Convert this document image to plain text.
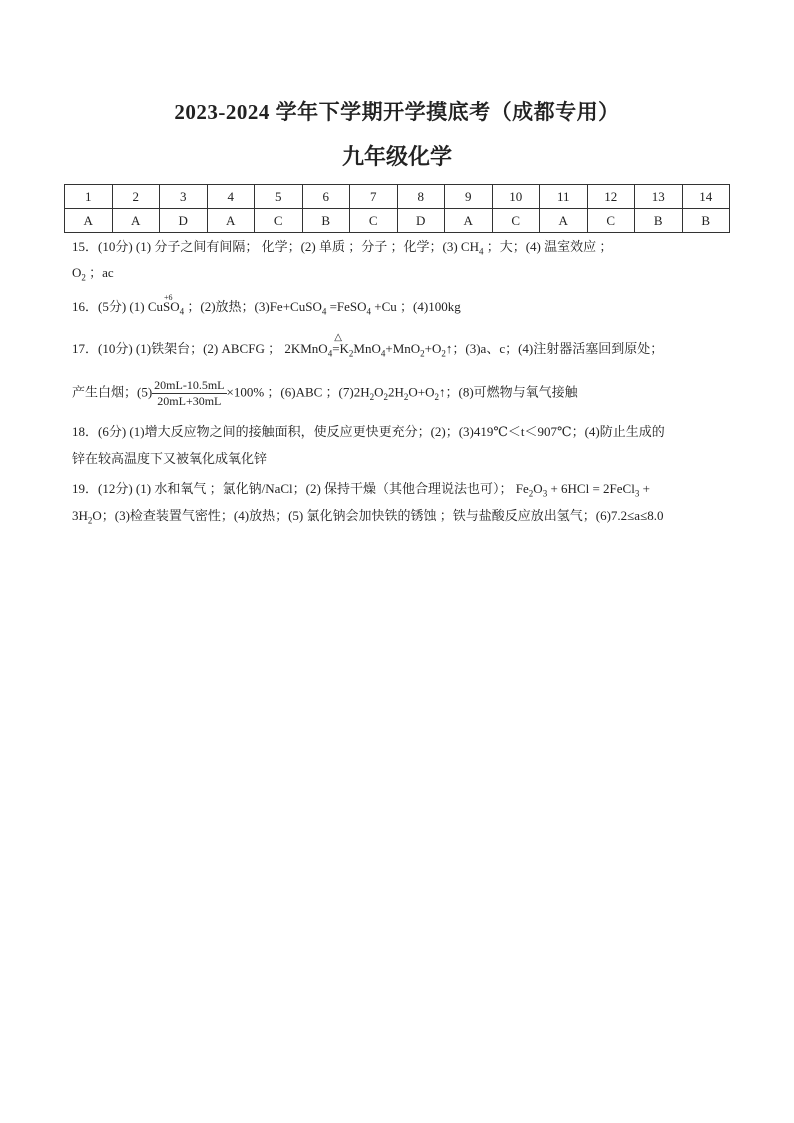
2023-2024 学年下学期开学摸底考（成都专用）
九年级化学
1	2	3	4	5	6	7	8	9	10	11	12	13	14
A	A	D	A	C	B	C	D	A	C	A	C	B	B
15．(10分) (1) 分子之间有间隔； 化学；(2) 单质 ；分子 ；化学；(3) $CH_4$ ；大；(4) 温室效应 ；
$O_2$ ；ac
16．(5分) (1) Cu
+6
$SO_4$ ；(2)放热；(3)Fe+CuSO$_4$ =FeSO$_4$ +Cu ；(4)100kg
17．(10分) (1)铁架台；(2) ABCFG ； 2KMnO$_4$
△
$=K_2MnO_4+MnO_2+O_2↑$；(3)a、c；(4)注射器活塞回到原处；
产生白烟；$(5) \frac{20mL-10.5mL}{20mL+30mL} \times 100\%$ ；(6)ABC ；$(7)2H_2O_22H_2O+O_2↑$；(8)可燃物与氧气接触
18．(6分) (1)增大反应物之间的接触面积，使反应更快更充分；(2)；(3)419℃＜t＜907℃；(4)防止生成的
锌在较高温度下又被氧化成氧化锌
19．(12分) (1) 水和氧气 ；氯化钠/NaCl；(2) 保持干燥（其他合理说法也可）； $Fe_2O_3 + 6HCl$ = 2FeCl$_3$ +
$3H_2O$；(3)检查装置气密性；(4)放热；(5) 氯化钠会加快铁的锈蚀 ；铁与盐酸反应放出氢气；(6)7.2≤a≤8.0
